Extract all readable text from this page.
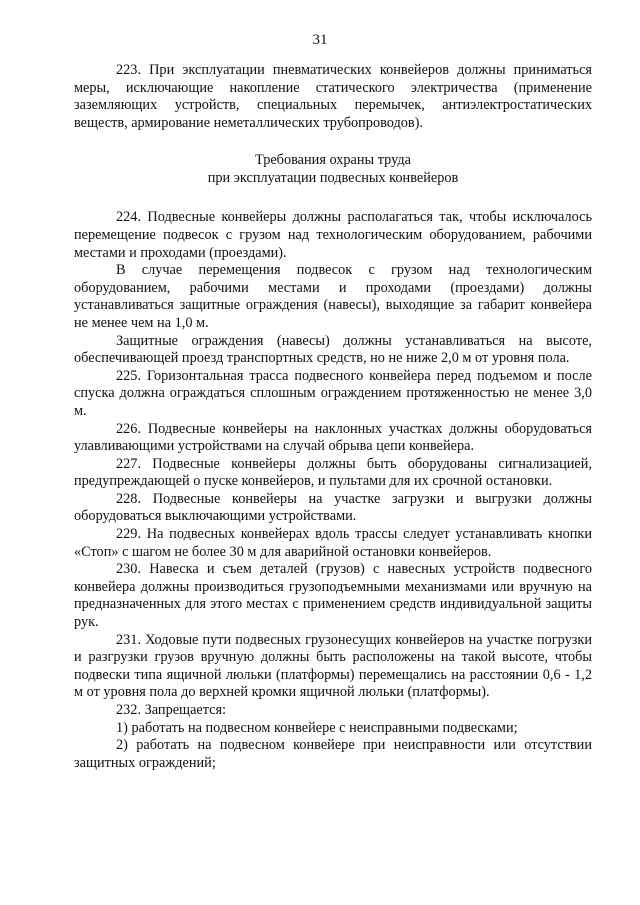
31

223. При эксплуатации пневматических конвейеров должны приниматься меры, исключающие накопление статического электричества (применение заземляющих устройств, специальных перемычек, антиэлектростатических веществ, армирование неметаллических трубопроводов).

Требования охраны труда
при эксплуатации подвесных конвейеров

224. Подвесные конвейеры должны располагаться так, чтобы исключалось перемещение подвесок с грузом над технологическим оборудованием, рабочими местами и проходами (проездами).

В случае перемещения подвесок с грузом над технологическим оборудованием, рабочими местами и проходами (проездами) должны устанавливаться защитные ограждения (навесы), выходящие за габарит конвейера не менее чем на 1,0 м.

Защитные ограждения (навесы) должны устанавливаться на высоте, обеспечивающей проезд транспортных средств, но не ниже 2,0 м от уровня пола.

225. Горизонтальная трасса подвесного конвейера перед подъемом и после спуска должна ограждаться сплошным ограждением протяженностью не менее 3,0 м.

226. Подвесные конвейеры на наклонных участках должны оборудоваться улавливающими устройствами на случай обрыва цепи конвейера.

227. Подвесные конвейеры должны быть оборудованы сигнализацией, предупреждающей о пуске конвейеров, и пультами для их срочной остановки.

228. Подвесные конвейеры на участке загрузки и выгрузки должны оборудоваться выключающими устройствами.

229. На подвесных конвейерах вдоль трассы следует устанавливать кнопки «Стоп» с шагом не более 30 м для аварийной остановки конвейеров.

230. Навеска и съем деталей (грузов) с навесных устройств подвесного конвейера должны производиться грузоподъемными механизмами или вручную на предназначенных для этого местах с применением средств индивидуальной защиты рук.

231. Ходовые пути подвесных грузонесущих конвейеров на участке погрузки и разгрузки грузов вручную должны быть расположены на такой высоте, чтобы подвески типа ящичной люльки (платформы) перемещались на расстоянии 0,6 - 1,2 м от уровня пола до верхней кромки ящичной люльки (платформы).

232. Запрещается:

1) работать на подвесном конвейере с неисправными подвесками;

2) работать на подвесном конвейере при неисправности или отсутствии защитных ограждений;
